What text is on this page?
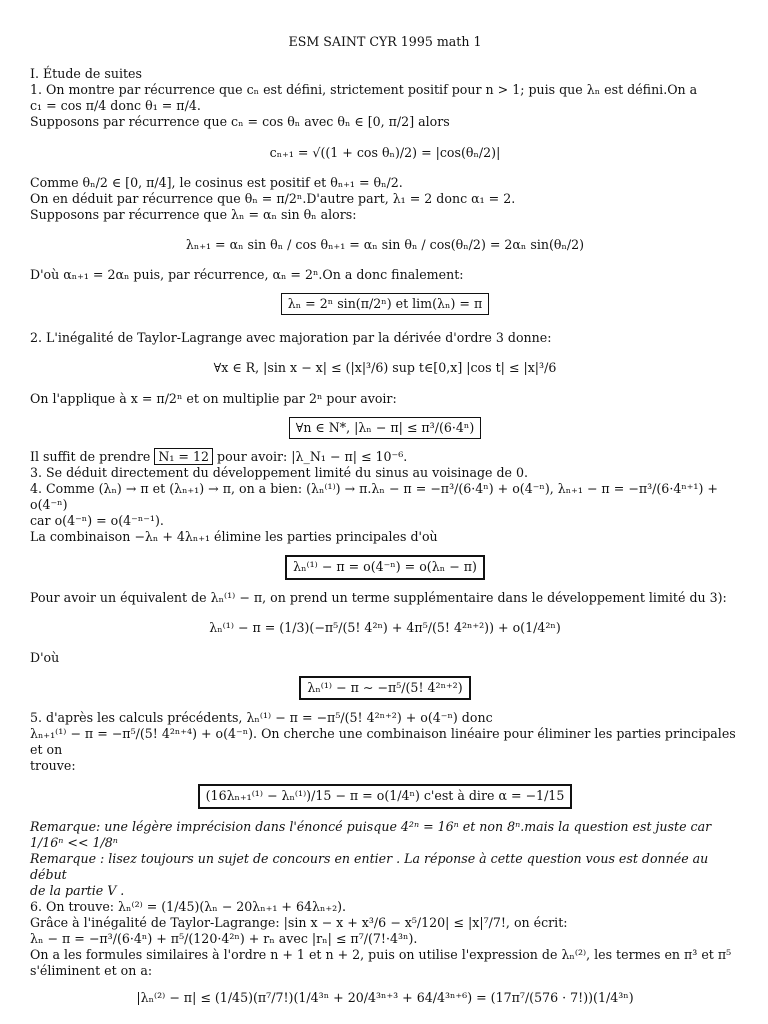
ESM SAINT CYR 1995 math 1

I. Étude de suites

1. On montre par récurrence que cₙ est défini, strictement positif pour n > 1; puis que λₙ est défini.On a

c₁ = cos π/4 donc θ₁ = π/4.

Supposons par récurrence que cₙ = cos θₙ avec θₙ ∈ [0, π/2] alors

cₙ₊₁ = √((1 + cos θₙ)/2) = |cos(θₙ/2)|

Comme θₙ/2 ∈ [0, π/4], le cosinus est positif et θₙ₊₁ = θₙ/2.

On en déduit par récurrence que θₙ = π/2ⁿ.D'autre part, λ₁ = 2 donc α₁ = 2.

Supposons par récurrence que λₙ = αₙ sin θₙ alors:

λₙ₊₁ = αₙ sin θₙ / cos θₙ₊₁ = αₙ sin θₙ / cos(θₙ/2) = 2αₙ sin(θₙ/2)

D'où αₙ₊₁ = 2αₙ puis, par récurrence, αₙ = 2ⁿ.On a donc finalement:

λₙ = 2ⁿ sin(π/2ⁿ) et lim(λₙ) = π

2. L'inégalité de Taylor-Lagrange avec majoration par la dérivée d'ordre 3 donne:

∀x ∈ R, |sin x − x| ≤ (|x|³/6) sup t∈[0,x] |cos t| ≤ |x|³/6

On l'applique à x = π/2ⁿ et on multiplie par 2ⁿ pour avoir:

∀n ∈ N*, |λₙ − π| ≤ π³/(6·4ⁿ)

Il suffit de prendre N₁ = 12 pour avoir: |λ_N₁ − π| ≤ 10⁻⁶.

3. Se déduit directement du développement limité du sinus au voisinage de 0.

4. Comme (λₙ) → π et (λₙ₊₁) → π, on a bien: (λₙ⁽¹⁾) → π.λₙ − π = −π³/(6·4ⁿ) + o(4⁻ⁿ), λₙ₊₁ − π = −π³/(6·4ⁿ⁺¹) + o(4⁻ⁿ)

car o(4⁻ⁿ) = o(4⁻ⁿ⁻¹).

La combinaison −λₙ + 4λₙ₊₁ élimine les parties principales d'où

λₙ⁽¹⁾ − π = o(4⁻ⁿ) = o(λₙ − π)

Pour avoir un équivalent de λₙ⁽¹⁾ − π, on prend un terme supplémentaire dans le développement limité du 3):

λₙ⁽¹⁾ − π = (1/3)(−π⁵/(5! 4²ⁿ) + 4π⁵/(5! 4²ⁿ⁺²)) + o(1/4²ⁿ)

D'où

λₙ⁽¹⁾ − π ∼ −π⁵/(5! 4²ⁿ⁺²)

5. d'après les calculs précédents, λₙ⁽¹⁾ − π = −π⁵/(5! 4²ⁿ⁺²) + o(4⁻ⁿ) donc

λₙ₊₁⁽¹⁾ − π = −π⁵/(5! 4²ⁿ⁺⁴) + o(4⁻ⁿ). On cherche une combinaison linéaire pour éliminer les parties principales et on

trouve:

(16λₙ₊₁⁽¹⁾ − λₙ⁽¹⁾)/15 − π = o(1/4ⁿ) c'est à dire α = −1/15

Remarque: une légère imprécision dans l'énoncé puisque 4²ⁿ = 16ⁿ et non 8ⁿ.mais la question est juste car

1/16ⁿ << 1/8ⁿ

Remarque : lisez toujours un sujet de concours en entier . La réponse à cette question vous est donnée au début

de la partie V .

6. On trouve: λₙ⁽²⁾ = (1/45)(λₙ − 20λₙ₊₁ + 64λₙ₊₂).

Grâce à l'inégalité de Taylor-Lagrange: |sin x − x + x³/6 − x⁵/120| ≤ |x|⁷/7!, on écrit:

λₙ − π = −π³/(6·4ⁿ) + π⁵/(120·4²ⁿ) + rₙ avec |rₙ| ≤ π⁷/(7!·4³ⁿ).

On a les formules similaires à l'ordre n + 1 et n + 2, puis on utilise l'expression de λₙ⁽²⁾, les termes en π³ et π⁵

s'éliminent et on a:

|λₙ⁽²⁾ − π| ≤ (1/45)(π⁷/7!)(1/4³ⁿ + 20/4³ⁿ⁺³ + 64/4³ⁿ⁺⁶) = (17π⁷/(576 · 7!))(1/4³ⁿ)
